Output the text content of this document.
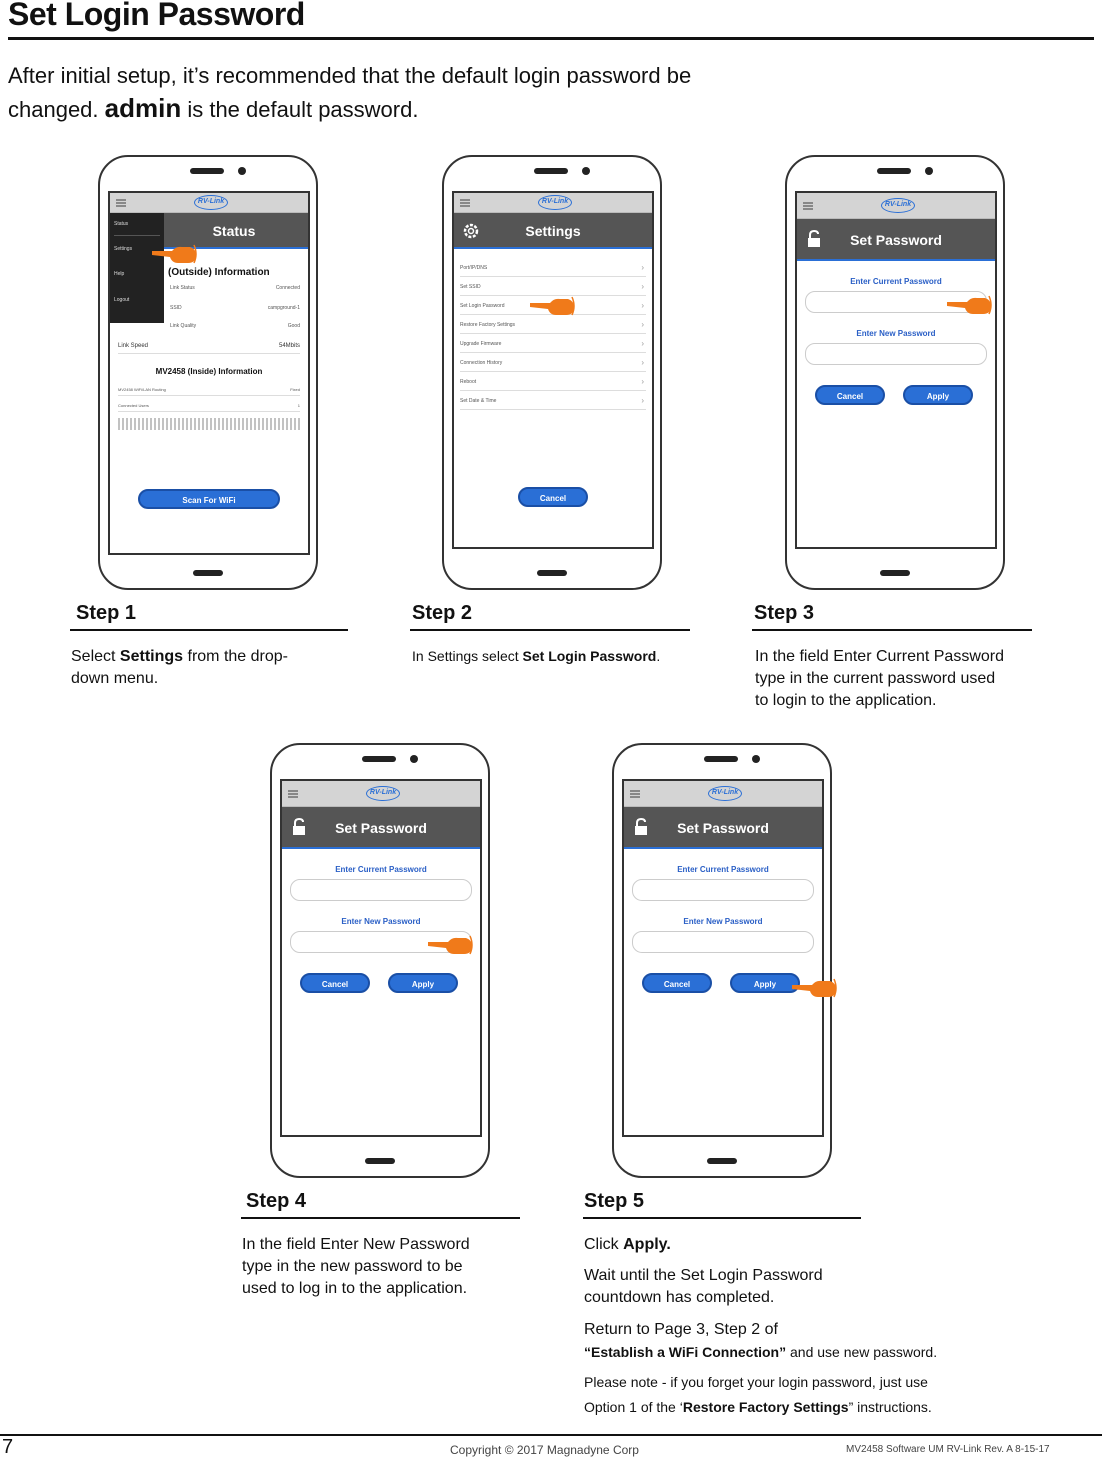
Set Login Password
After initial setup, it’s recommended that the default login password be
changed. admin is the default password.
RV-Link
Status
(Outside) Information
Link Status	Connected
SSID	campground-1
Link Quality	Good
Link Speed	54Mbits
MV2458 (Inside) Information
MV2458 WiFi/LAN Routing	Fixed
Connected Users	1
Scan For WiFi
Status
Settings
Help
Logout
RV-Link
Settings
Port/IP/DNS	›
Set SSID	›
Set Login Password	›
Restore Factory Settings	›
Upgrade Firmware	›
Connection History	›
Reboot	›
Set Date & Time	›
Cancel
RV-Link
Set Password
Enter Current Password
Enter New Password
Cancel	Apply
Step 1
Select Settings from the drop-
down menu.
Step 2
In Settings select Set Login Password.
Step 3
In the field Enter Current Password
type in the current password used
to login to the application.
RV-Link
Set Password
Enter Current Password
Enter New Password
Cancel	Apply
RV-Link
Set Password
Enter Current Password
Enter New Password
Cancel	Apply
Step 4
In the field Enter New Password
type in the new password to be
used to log in to the application.
Step 5
Click Apply.
Wait until the Set Login Password
countdown has completed.
Return to Page 3, Step 2 of
“Establish a WiFi Connection” and use new password.
Please note - if you forget your login password, just use
Option 1 of the ‘Restore Factory Settings” instructions.
7	Copyright © 2017 Magnadyne Corp	MV2458 Software UM RV-Link Rev. A 8-15-17
